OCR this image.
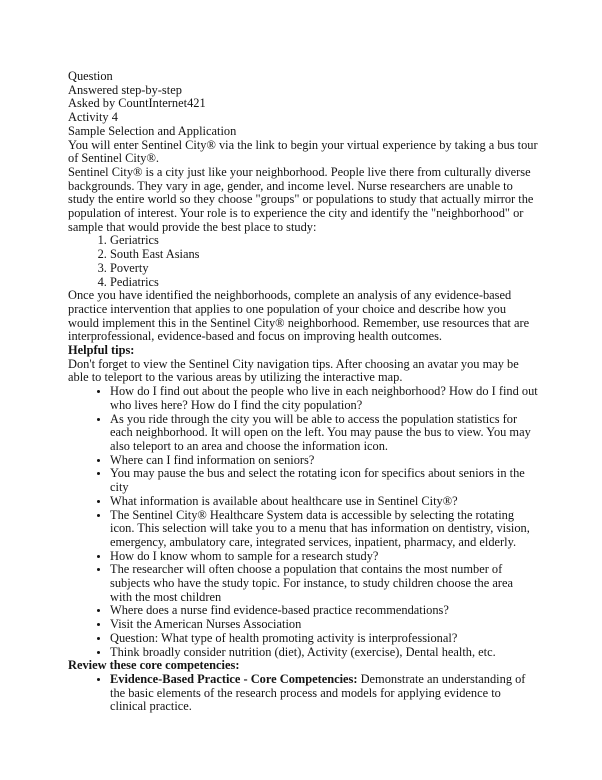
Question
Answered step-by-step
Asked by CountInternet421
Activity 4
Sample Selection and Application
You will enter Sentinel City® via the link to begin your virtual experience by taking a bus tour of Sentinel City®.
Sentinel City® is a city just like your neighborhood. People live there from culturally diverse backgrounds. They vary in age, gender, and income level. Nurse researchers are unable to study the entire world so they choose "groups" or populations to study that actually mirror the population of interest. Your role is to experience the city and identify the "neighborhood" or sample that would provide the best place to study:
1. Geriatrics
2. South East Asians
3. Poverty
4. Pediatrics
Once you have identified the neighborhoods, complete an analysis of any evidence-based practice intervention that applies to one population of your choice and describe how you would implement this in the Sentinel City® neighborhood. Remember, use resources that are interprofessional, evidence-based and focus on improving health outcomes.
Helpful tips:
Don't forget to view the Sentinel City navigation tips. After choosing an avatar you may be able to teleport to the various areas by utilizing the interactive map.
• How do I find out about the people who live in each neighborhood? How do I find out who lives here? How do I find the city population?
• As you ride through the city you will be able to access the population statistics for each neighborhood. It will open on the left. You may pause the bus to view. You may also teleport to an area and choose the information icon.
• Where can I find information on seniors?
• You may pause the bus and select the rotating icon for specifics about seniors in the city
• What information is available about healthcare use in Sentinel City®?
• The Sentinel City® Healthcare System data is accessible by selecting the rotating icon. This selection will take you to a menu that has information on dentistry, vision, emergency, ambulatory care, integrated services, inpatient, pharmacy, and elderly.
• How do I know whom to sample for a research study?
• The researcher will often choose a population that contains the most number of subjects who have the study topic. For instance, to study children choose the area with the most children
• Where does a nurse find evidence-based practice recommendations?
• Visit the American Nurses Association
• Question: What type of health promoting activity is interprofessional?
• Think broadly consider nutrition (diet), Activity (exercise), Dental health, etc.
Review these core competencies:
• Evidence-Based Practice - Core Competencies: Demonstrate an understanding of the basic elements of the research process and models for applying evidence to clinical practice.
